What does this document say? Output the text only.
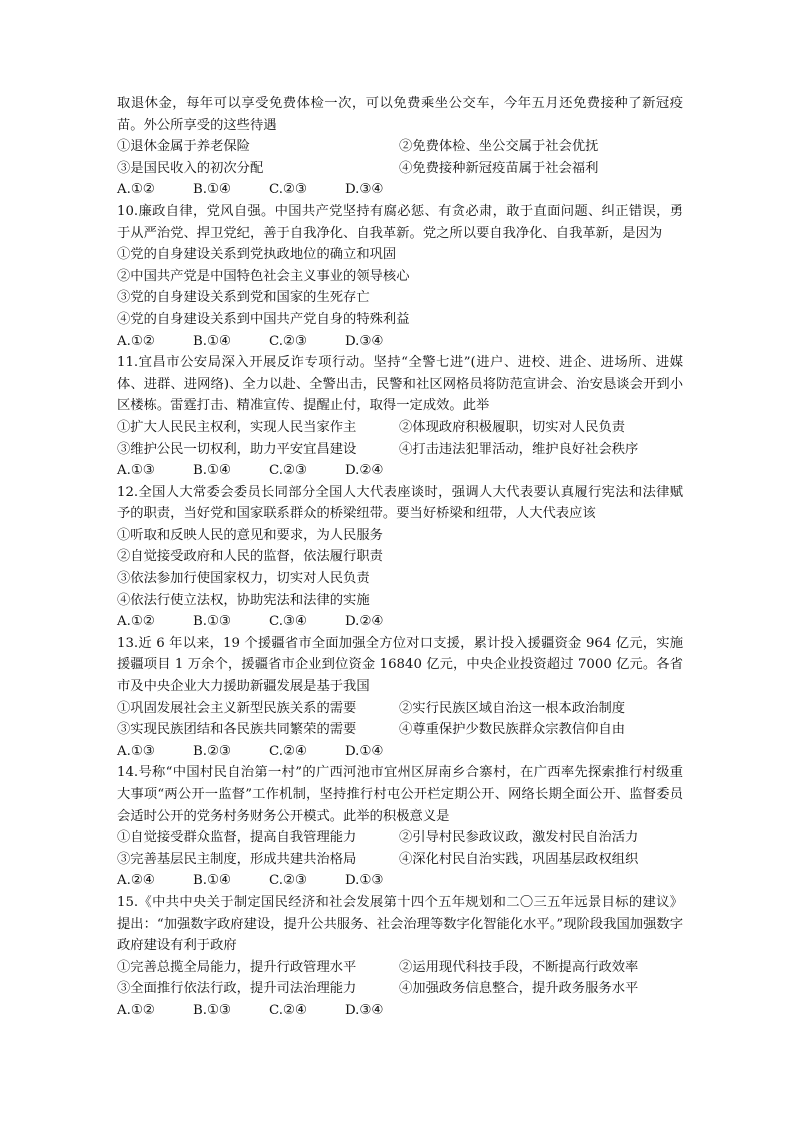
取退休金，每年可以享受免费体检一次，可以免费乘坐公交车，今年五月还免费接种了新冠疫苗。外公所享受的这些待遇

①退休金属于养老保险	②免费体检、坐公交属于社会优抚
③是国民收入的初次分配	④免费接种新冠疫苗属于社会福利
A.①②	B.①④	C.②③	D.③④

10.廉政自律，党风自强。中国共产党坚持有腐必惩、有贪必肃，敢于直面问题、纠正错误，勇于从严治党、捍卫党纪，善于自我净化、自我革新。党之所以要自我净化、自我革新，是因为

①党的自身建设关系到党执政地位的确立和巩固

②中国共产党是中国特色社会主义事业的领导核心

③党的自身建设关系到党和国家的生死存亡

④党的自身建设关系到中国共产党自身的特殊利益

A.①②	B.①④	C.②③	D.③④

11.宜昌市公安局深入开展反诈专项行动。坚持“全警七进”(进户、进校、进企、进场所、进媒体、进群、进网络)、全力以赴、全警出击，民警和社区网格员将防范宣讲会、治安恳谈会开到小区楼栋。雷霆打击、精准宣传、提醒止付，取得一定成效。此举

①扩大人民民主权利，实现人民当家作主	②体现政府积极履职，切实对人民负责
③维护公民一切权利，助力平安宜昌建设	④打击违法犯罪活动，维护良好社会秩序
A.①③	B.①④	C.②③	D.②④

12.全国人大常委会委员长同部分全国人大代表座谈时，强调人大代表要认真履行宪法和法律赋予的职责，当好党和国家联系群众的桥梁纽带。要当好桥梁和纽带，人大代表应该

①听取和反映人民的意见和要求，为人民服务

②自觉接受政府和人民的监督，依法履行职责

③依法参加行使国家权力，切实对人民负责

④依法行使立法权，协助宪法和法律的实施

A.①②	B.①③	C.③④	D.②④

13.近 6 年以来，19 个援疆省市全面加强全方位对口支援，累计投入援疆资金 964 亿元，实施援疆项目 1 万余个，援疆省市企业到位资金 16840 亿元，中央企业投资超过 7000 亿元。各省市及中央企业大力援助新疆发展是基于我国

①巩固发展社会主义新型民族关系的需要	②实行民族区域自治这一根本政治制度
③实现民族团结和各民族共同繁荣的需要	④尊重保护少数民族群众宗教信仰自由
A.①③	B.②③	C.②④	D.①④

14.号称“中国村民自治第一村”的广西河池市宜州区屏南乡合寨村，在广西率先探索推行村级重大事项“两公开一监督”工作机制，坚持推行村屯公开栏定期公开、网络长期全面公开、监督委员会适时公开的党务村务财务公开模式。此举的积极意义是

①自觉接受群众监督，提高自我管理能力	②引导村民参政议政，激发村民自治活力
③完善基层民主制度，形成共建共治格局	④深化村民自治实践，巩固基层政权组织
A.②④	B.①④	C.②③	D.①③

15.《中共中央关于制定国民经济和社会发展第十四个五年规划和二〇三五年远景目标的建议》提出：“加强数字政府建设，提升公共服务、社会治理等数字化智能化水平。”现阶段我国加强数字政府建设有利于政府

①完善总揽全局能力，提升行政管理水平	②运用现代科技手段，不断提高行政效率
③全面推行依法行政，提升司法治理能力	④加强政务信息整合，提升政务服务水平
A.①②	B.①③	C.②④	D.③④
